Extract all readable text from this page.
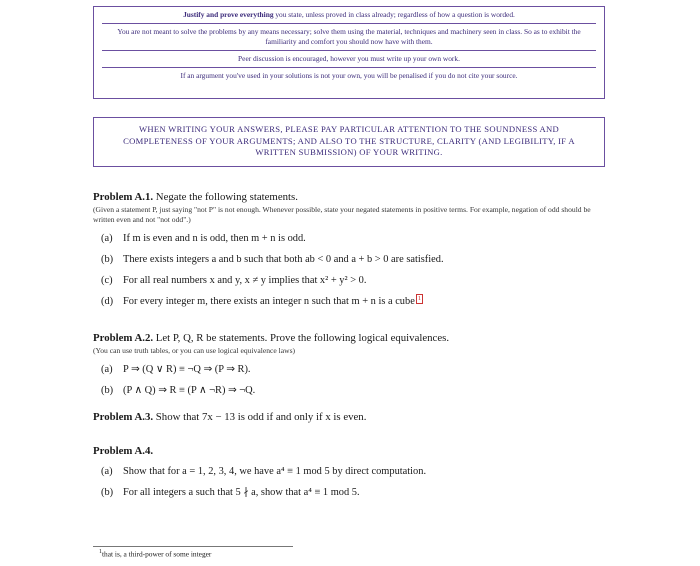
Justify and prove everything you state, unless proved in class already; regardless of how a question is worded.
You are not meant to solve the problems by any means necessary; solve them using the material, techniques and machinery seen in class. So as to exhibit the familiarity and comfort you should now have with them.
Peer discussion is encouraged, however you must write up your own work.
If an argument you've used in your solutions is not your own, you will be penalised if you do not cite your source.
WHEN WRITING YOUR ANSWERS, PLEASE PAY PARTICULAR ATTENTION TO THE SOUNDNESS AND COMPLETENESS OF YOUR ARGUMENTS; AND ALSO TO THE STRUCTURE, CLARITY (AND LEGIBILITY, IF A WRITTEN SUBMISSION) OF YOUR WRITING.
Problem A.1. Negate the following statements.
(Given a statement P, just saying "not P" is not enough. Whenever possible, state your negated statements in positive terms. For example, negation of odd should be written even and not "not odd".)
(a) If m is even and n is odd, then m + n is odd.
(b) There exists integers a and b such that both ab < 0 and a + b > 0 are satisfied.
(c) For all real numbers x and y, x ≠ y implies that x² + y² > 0.
(d) For every integer m, there exists an integer n such that m + n is a cube 1
Problem A.2. Let P, Q, R be statements. Prove the following logical equivalences.
(You can use truth tables, or you can use logical equivalence laws)
(a) P ⇒ (Q ∨ R) ≡ ¬Q ⇒ (P ⇒ R).
(b) (P ∧ Q) ⇒ R ≡ (P ∧ ¬R) ⇒ ¬Q.
Problem A.3. Show that 7x − 13 is odd if and only if x is even.
Problem A.4.
(a) Show that for a = 1, 2, 3, 4, we have a⁴ ≡ 1 mod 5 by direct computation.
(b) For all integers a such that 5 ∤ a, show that a⁴ ≡ 1 mod 5.
$^1$that is, a third-power of some integer
